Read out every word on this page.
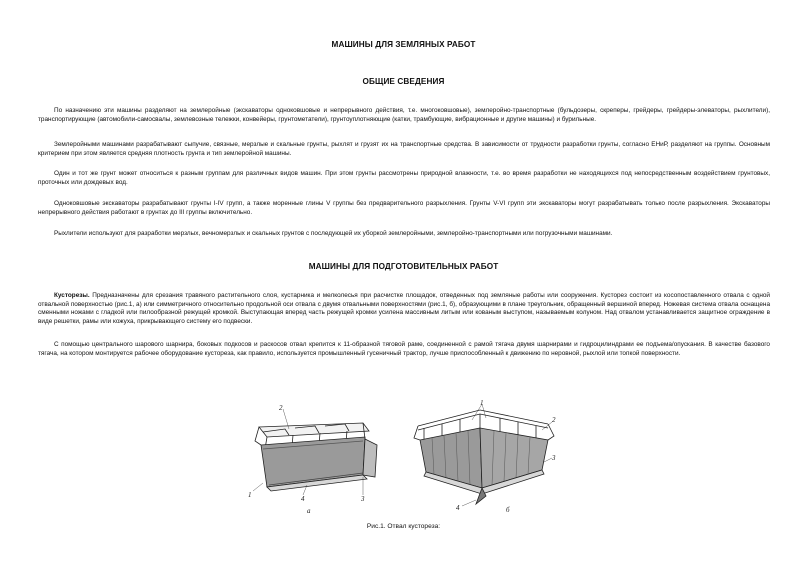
МАШИНЫ ДЛЯ ЗЕМЛЯНЫХ РАБОТ
ОБЩИЕ СВЕДЕНИЯ
По назначению эти машины разделяют на землеройные (экскаваторы одноковшовые и непрерывного действия, т.е. многоковшовые), землеройно-транспортные (бульдозеры, скреперы, грейдеры, грейдеры-элеваторы, рыхлители), транспортирующие (автомобили-самосвалы, землевозные тележки, конвейеры, грунтометатели), грунтоуплотняющие (катки, трамбующие, вибрационные и другие машины) и бурильные.
Землеройными машинами разрабатывают сыпучие, связные, мерзлые и скальные грунты, рыхлят и грузят их на транспортные средства. В зависимости от трудности разработки грунты, согласно ЕНиР, разделяют на группы. Основным критерием при этом является средняя плотность грунта и тип землеройной машины.
Один и тот же грунт может относиться к разным группам для различных видов машин. При этом грунты рассмотрены природной влажности, т.е. во время разработки не находящихся под непосредственным воздействием грунтовых, проточных или дождевых вод.
Одноковшовые экскаваторы разрабатывают грунты I-IV групп, а также моренные глины V группы без предварительного разрыхления. Грунты V-VI групп эти экскаваторы могут разрабатывать только после разрыхления. Экскаваторы непрерывного действия работают в грунтах до III группы включительно.
Рыхлители используют для разработки мерзлых, вечномерзлых и скальных грунтов с последующей их уборкой землеройными, землеройно-транспортными или погрузочными машинами.
МАШИНЫ ДЛЯ ПОДГОТОВИТЕЛЬНЫХ РАБОТ
Кусторезы. Предназначены для срезания травяного растительного слоя, кустарника и мелколесья при расчистке площадок, отведенных под земляные работы или сооружения. Кусторез состоит из косопоставленного отвала с одной отвальной поверхностью (рис.1, а) или симметричного относительно продольной оси отвала с двумя отвальными поверхностями (рис.1, б), образующими в плане треугольник, обращенный вершиной вперед. Ножевая система отвала оснащена сменными ножами с гладкой или пилообразной режущей кромкой. Выступающая вперед часть режущей кромки усилена массивным литым или кованым выступом, называемым колуном. Над отвалом устанавливается защитное ограждение в виде решетки, рамы или кожуха, прикрывающего систему его подвески.
С помощью центрального шарового шарнира, боковых подкосов и раскосов отвал крепится к 11-образной тяговой раме, соединенной с рамой тягача двумя шарнирами и гидроцилиндрами ее подъема/опускания. В качестве базового тягача, на котором монтируется рабочее оборудование кустореза, как правило, используется промышленный гусеничный трактор, лучше приспособленный к движению по неровной, рыхлой или топкой поверхности.
2
1	4	3
а
1
2
3
4	б
Рис.1. Отвал кустореза:
